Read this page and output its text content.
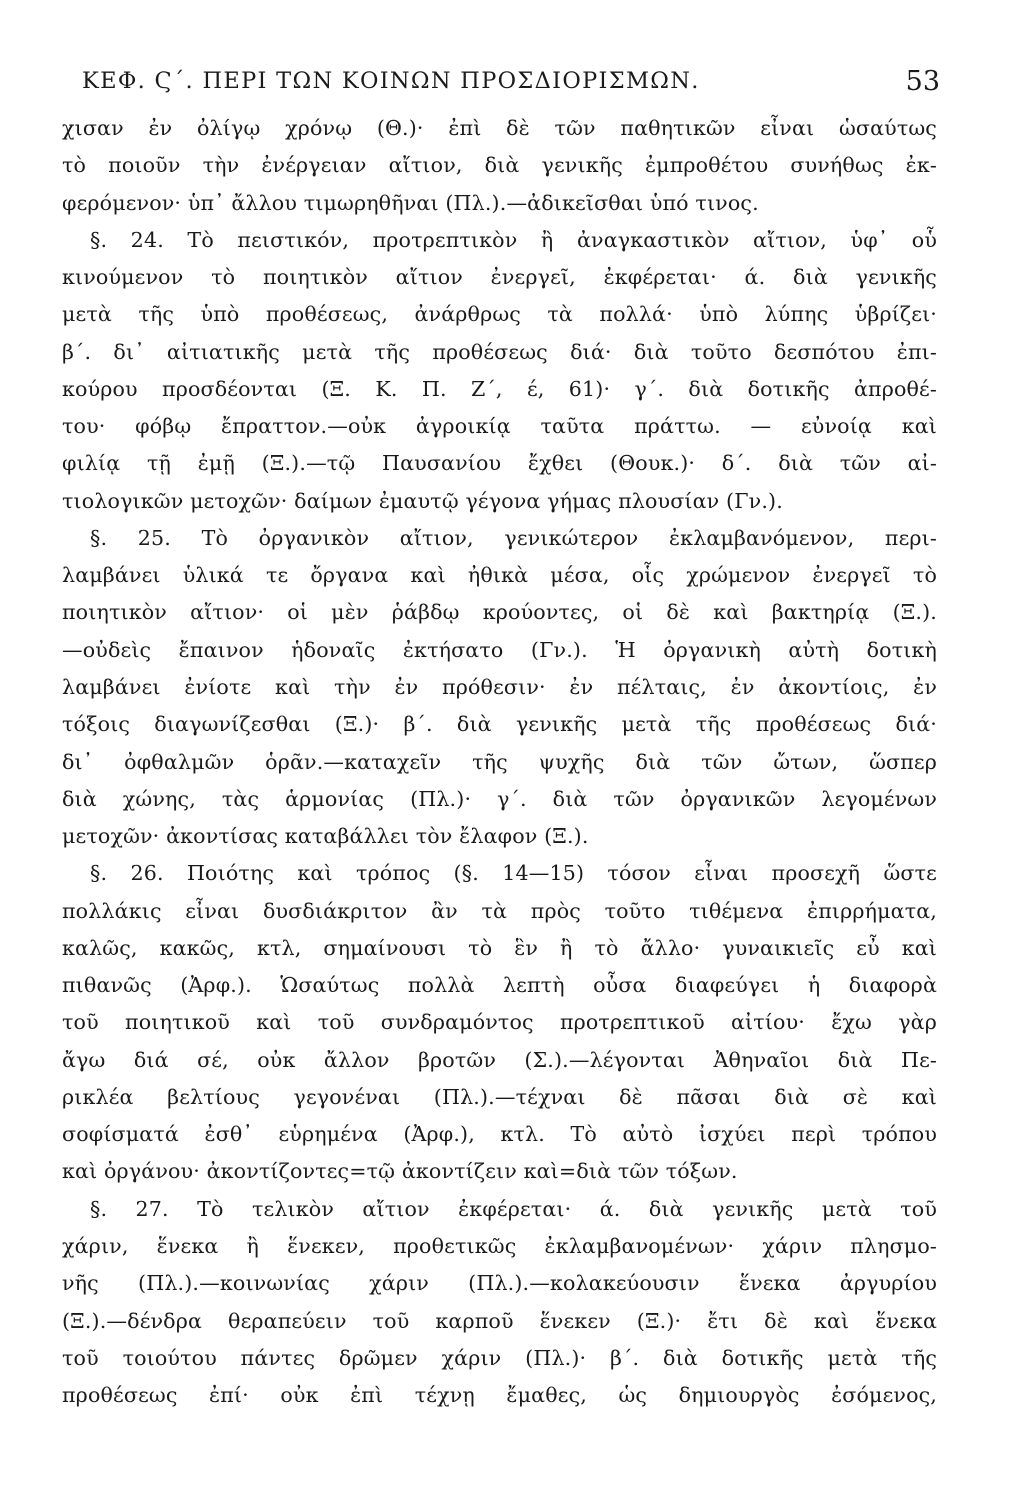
ΚΕΦ. Ϛ΄. ΠΕΡΙ ΤΩΝ ΚΟΙΝΩΝ ΠΡΟΣΔΙΟΡΙΣΜΩΝ.	53
χισαν ἐν ὀλίγῳ χρόνῳ (Θ.)· ἐπὶ δὲ τῶν παθητικῶν εἶναι ὡσαύτως
τὸ ποιοῦν τὴν ἐνέργειαν αἴτιον, διὰ γενικῆς ἐμπροθέτου συνήθως ἐκ-
φερόμενον· ὑπ᾽ ἄλλου τιμωρηθῆναι (Πλ.).—ἀδικεῖσθαι ὑπό τινος.
§. 24. Τὸ πειστικόν, προτρεπτικὸν ἢ ἀναγκαστικὸν αἴτιον, ὑφ᾽ οὗ
κινούμενον τὸ ποιητικὸν αἴτιον ἐνεργεῖ, ἐκφέρεται· ά. διὰ γενικῆς
μετὰ τῆς ὑπὸ προθέσεως, ἀνάρθρως τὰ πολλά· ὑπὸ λύπης ὑβρίζει·
β΄. δι᾽ αἰτιατικῆς μετὰ τῆς προθέσεως διά· διὰ τοῦτο δεσπότου ἐπι-
κούρου προσδέονται (Ξ. Κ. Π. Ζ΄, έ, 61)· γ΄. διὰ δοτικῆς ἀπροθέ-
του· φόβῳ ἔπραττον.—οὐκ ἀγροικίᾳ ταῦτα πράττω. — εὐνοίᾳ καὶ
φιλίᾳ τῇ ἐμῇ (Ξ.).—τῷ Παυσανίου ἔχθει (Θουκ.)· δ΄. διὰ τῶν αἰ-
τιολογικῶν μετοχῶν· δαίμων ἐμαυτῷ γέγονα γήμας πλουσίαν (Γν.).
§. 25. Τὸ ὀργανικὸν αἴτιον, γενικώτερον ἐκλαμβανόμενον, περι-
λαμβάνει ὑλικά τε ὄργανα καὶ ἠθικὰ μέσα, οἷς χρώμενον ἐνεργεῖ τὸ
ποιητικὸν αἴτιον· οἱ μὲν ῥάβδῳ κρούοντες, οἱ δὲ καὶ βακτηρίᾳ (Ξ.).
—οὐδεὶς ἔπαινον ἡδοναῖς ἐκτήσατο (Γν.). Ἡ ὀργανικὴ αὐτὴ δοτικὴ
λαμβάνει ἐνίοτε καὶ τὴν ἐν πρόθεσιν· ἐν πέλταις, ἐν ἀκοντίοις, ἐν
τόξοις διαγωνίζεσθαι (Ξ.)· β΄. διὰ γενικῆς μετὰ τῆς προθέσεως διά·
δι᾽ ὀφθαλμῶν ὁρᾶν.—καταχεῖν τῆς ψυχῆς διὰ τῶν ὤτων, ὥσπερ
διὰ χώνης, τὰς ἁρμονίας (Πλ.)· γ΄. διὰ τῶν ὀργανικῶν λεγομένων
μετοχῶν· ἀκοντίσας καταβάλλει τὸν ἔλαφον (Ξ.).
§. 26. Ποιότης καὶ τρόπος (§. 14—15) τόσον εἶναι προσεχῆ ὥστε
πολλάκις εἶναι δυσδιάκριτον ἂν τὰ πρὸς τοῦτο τιθέμενα ἐπιρρήματα,
καλῶς, κακῶς, κτλ, σημαίνουσι τὸ ἓν ἢ τὸ ἄλλο· γυναικιεῖς εὖ καὶ
πιθανῶς (Ἀρφ.). Ὡσαύτως πολλὰ λεπτὴ οὖσα διαφεύγει ἡ διαφορὰ
τοῦ ποιητικοῦ καὶ τοῦ συνδραμόντος προτρεπτικοῦ αἰτίου· ἔχω γὰρ
ἄγω διά σέ, οὐκ ἄλλον βροτῶν (Σ.).—λέγονται Ἀθηναῖοι διὰ Πε-
ρικλέα βελτίους γεγονέναι (Πλ.).—τέχναι δὲ πᾶσαι διὰ σὲ καὶ
σοφίσματά ἐσθ᾽ εὑρημένα (Ἀρφ.), κτλ. Τὸ αὐτὸ ἰσχύει περὶ τρόπου
καὶ ὀργάνου· ἀκοντίζοντες=τῷ ἀκοντίζειν καὶ=διὰ τῶν τόξων.
§. 27. Τὸ τελικὸν αἴτιον ἐκφέρεται· ά. διὰ γενικῆς μετὰ τοῦ
χάριν, ἕνεκα ἢ ἕνεκεν, προθετικῶς ἐκλαμβανομένων· χάριν πλησμο-
νῆς (Πλ.).—κοινωνίας χάριν (Πλ.).—κολακεύουσιν ἕνεκα ἀργυρίου
(Ξ.).—δένδρα θεραπεύειν τοῦ καρποῦ ἕνεκεν (Ξ.)· ἔτι δὲ καὶ ἕνεκα
τοῦ τοιούτου πάντες δρῶμεν χάριν (Πλ.)· β΄. διὰ δοτικῆς μετὰ τῆς
προθέσεως ἐπί· οὐκ ἐπὶ τέχνῃ ἔμαθες, ὡς δημιουργὸς ἐσόμενος,
